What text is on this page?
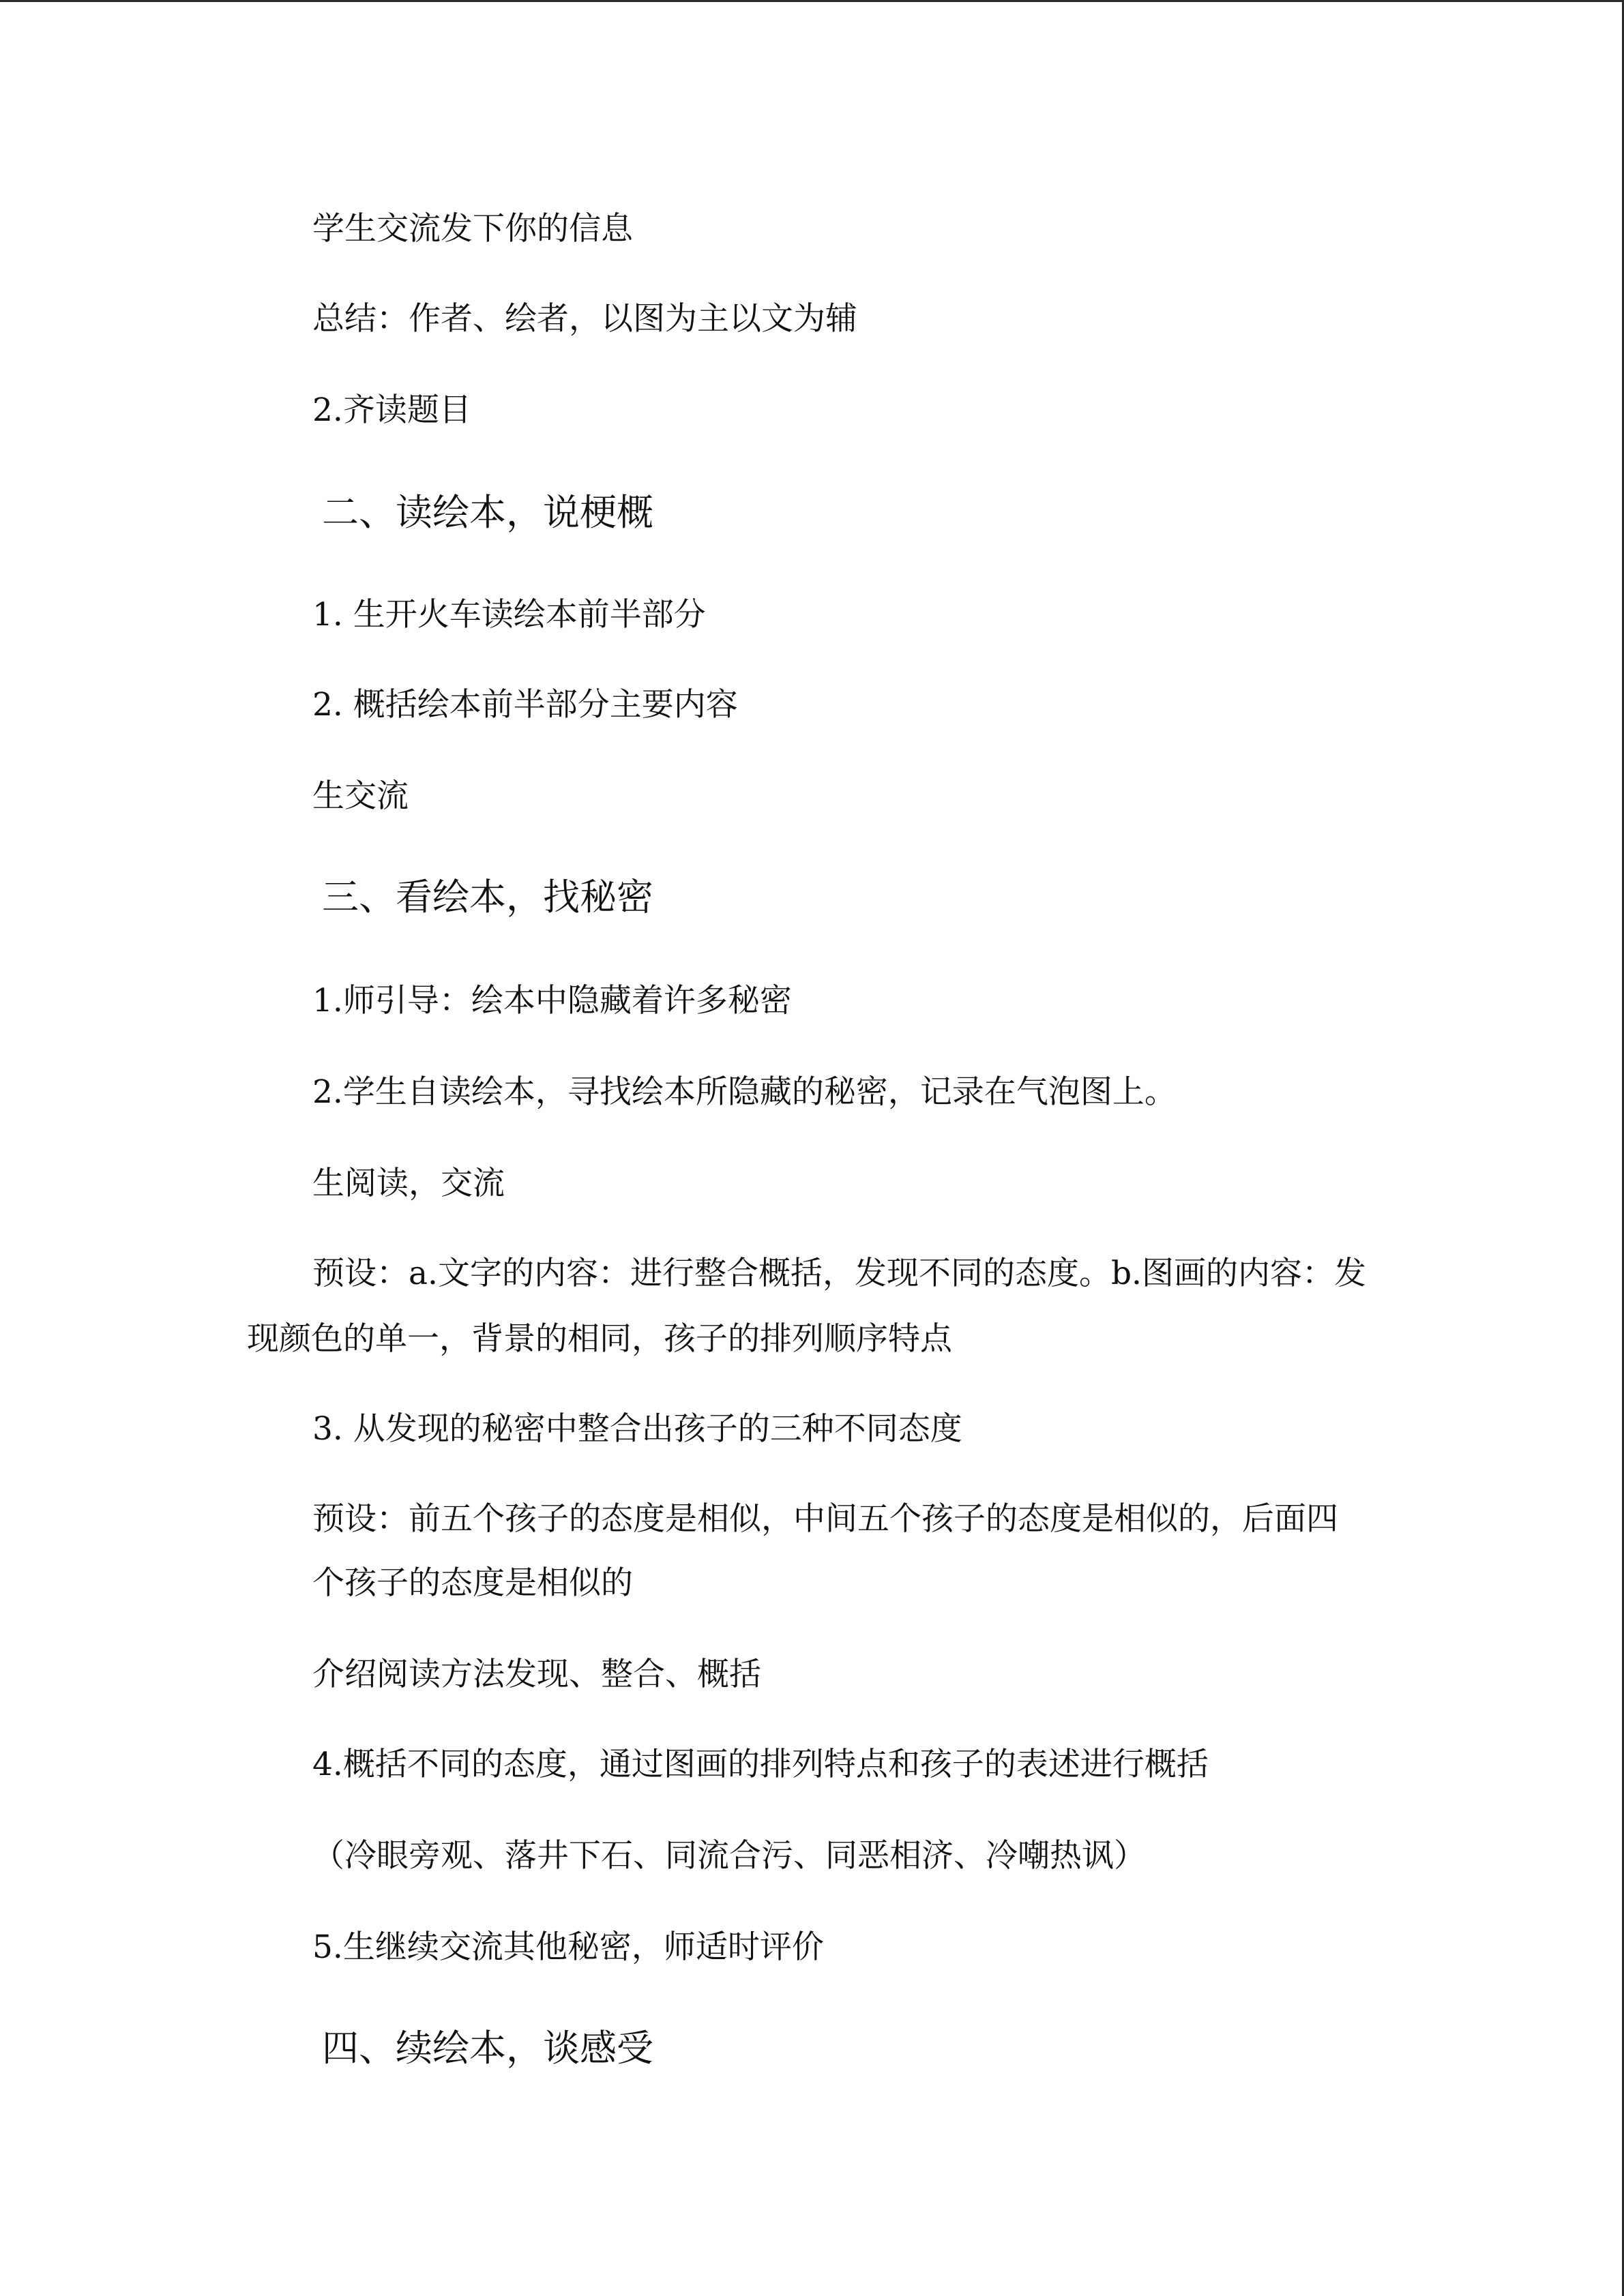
学生交流发下你的信息
总结：作者、绘者，以图为主以文为辅
2.齐读题目
二、读绘本，说梗概
1. 生开火车读绘本前半部分
2. 概括绘本前半部分主要内容
生交流
三、看绘本，找秘密
1.师引导：绘本中隐藏着许多秘密
2.学生自读绘本，寻找绘本所隐藏的秘密，记录在气泡图上。
生阅读，交流
预设：a.文字的内容：进行整合概括，发现不同的态度。b.图画的内容：发
现颜色的单一，背景的相同，孩子的排列顺序特点
3. 从发现的秘密中整合出孩子的三种不同态度
预设：前五个孩子的态度是相似，中间五个孩子的态度是相似的，后面四
个孩子的态度是相似的
介绍阅读方法发现、整合、概括
4.概括不同的态度，通过图画的排列特点和孩子的表述进行概括
（冷眼旁观、落井下石、同流合污、同恶相济、冷嘲热讽）
5.生继续交流其他秘密，师适时评价
四、续绘本，谈感受
